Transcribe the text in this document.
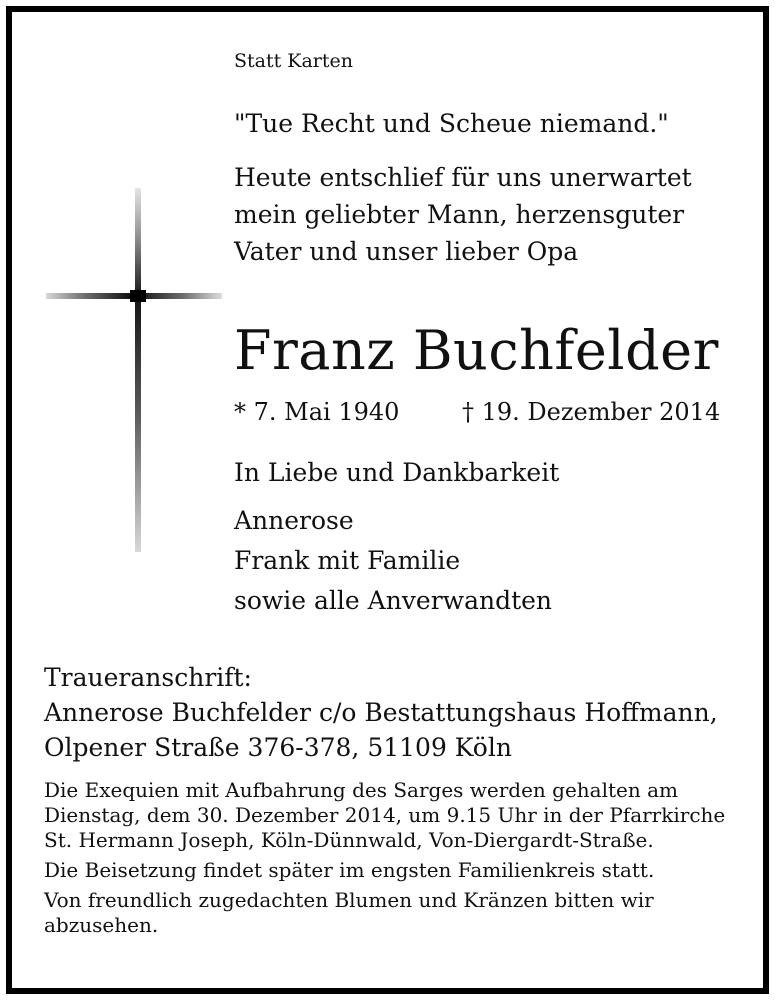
Statt Karten
"Tue Recht und Scheue niemand."
Heute entschlief für uns unerwartet
mein geliebter Mann, herzensguter
Vater und unser lieber Opa
Franz Buchfelder
* 7. Mai 1940	† 19. Dezember 2014
In Liebe und Dankbarkeit
Annerose
Frank mit Familie
sowie alle Anverwandten
Traueranschrift:
Annerose Buchfelder c/o Bestattungshaus Hoffmann,
Olpener Straße 376-378, 51109 Köln

Die Exequien mit Aufbahrung des Sarges werden gehalten am
Dienstag, dem 30. Dezember 2014, um 9.15 Uhr in der Pfarrkirche
St. Hermann Joseph, Köln-Dünnwald, Von-Diergardt-Straße.

Die Beisetzung findet später im engsten Familienkreis statt.

Von freundlich zugedachten Blumen und Kränzen bitten wir
abzusehen.
